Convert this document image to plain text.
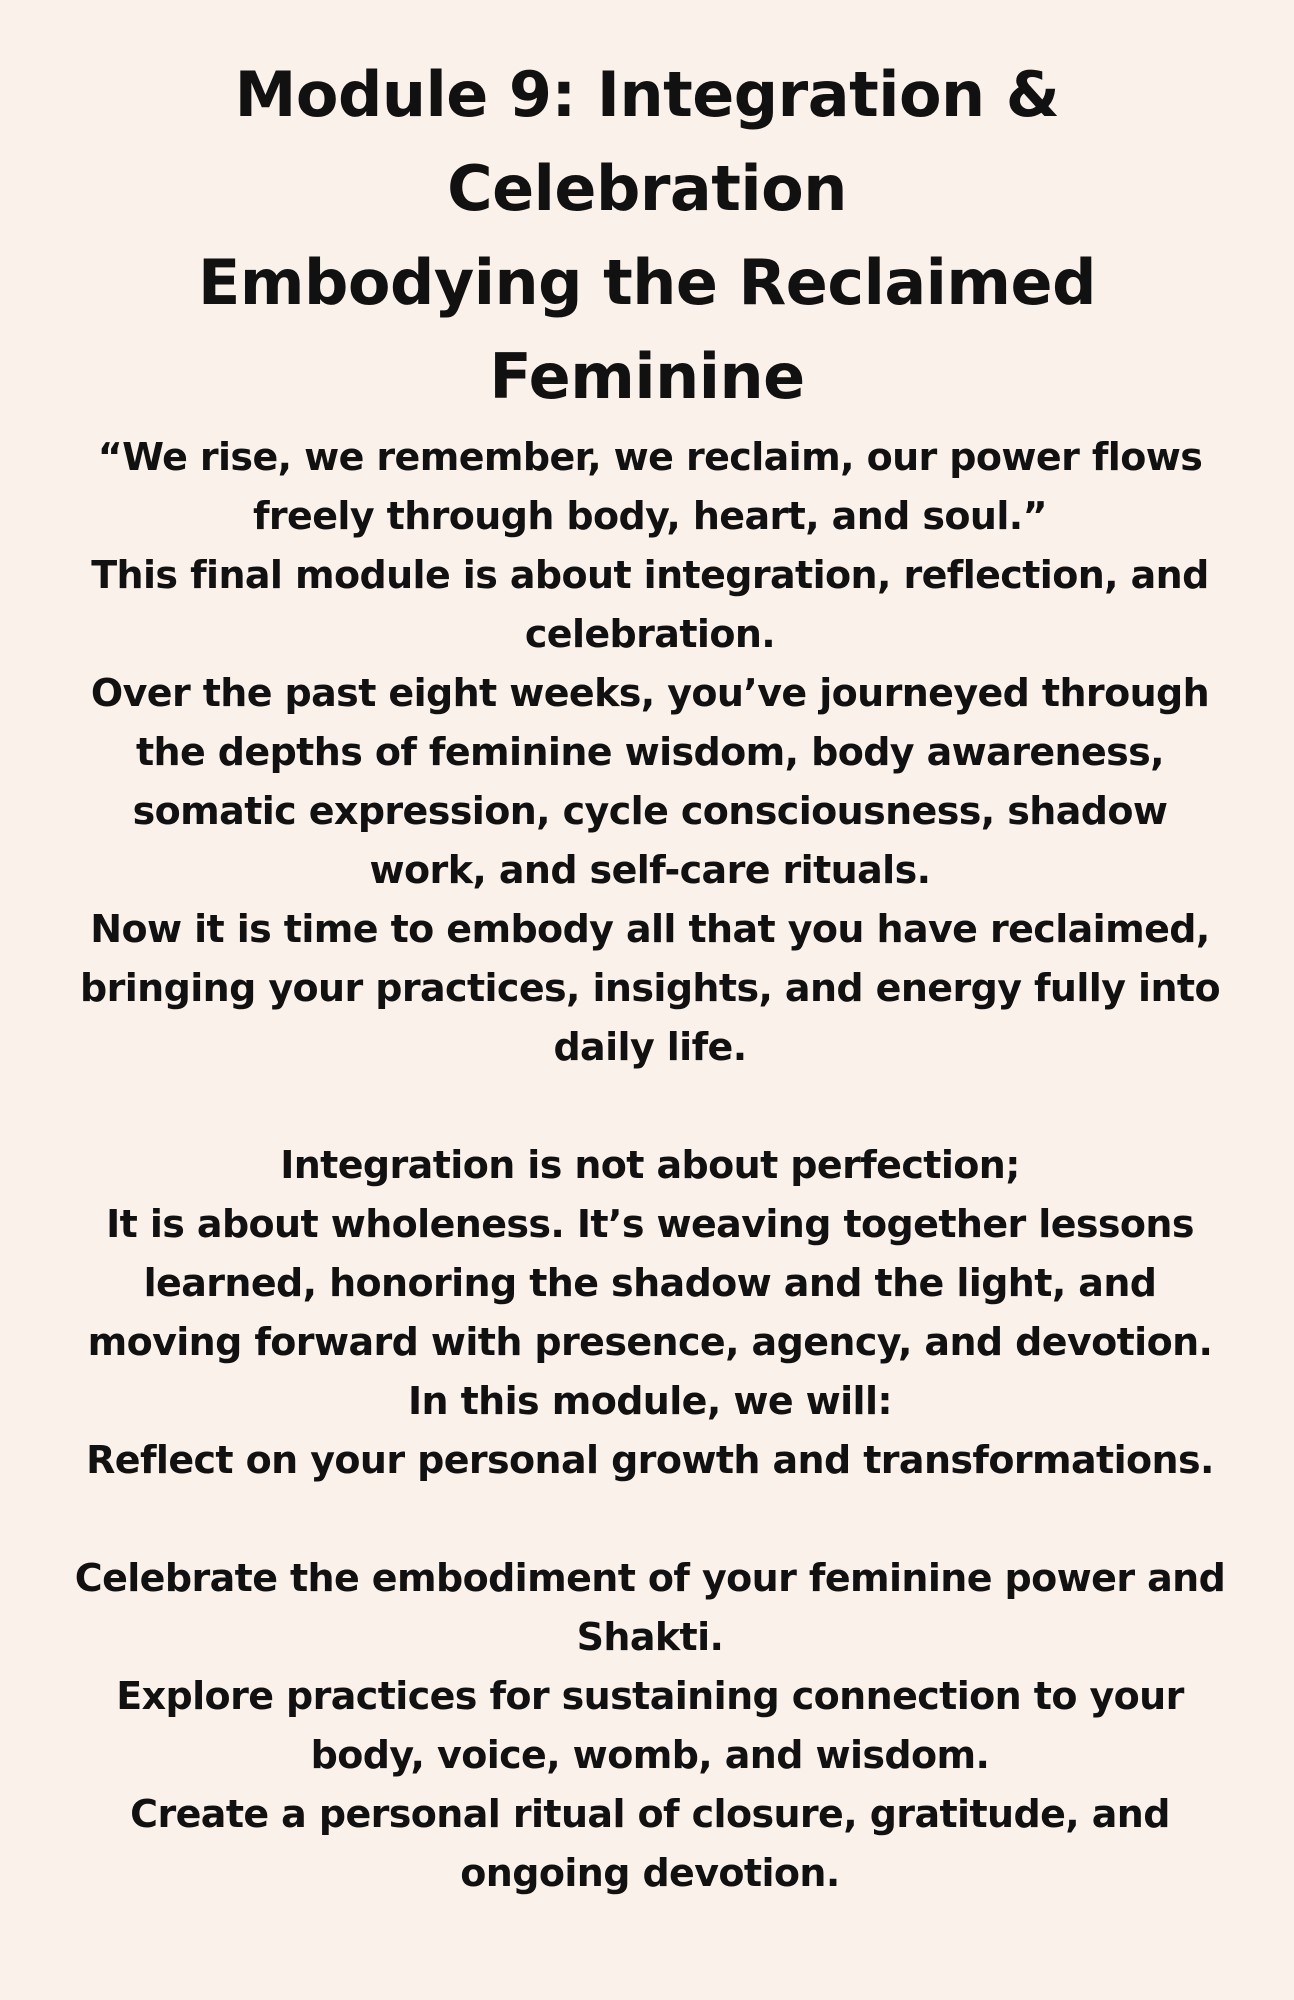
Module 9: Integration &
Celebration
Embodying the Reclaimed
Feminine

“We rise, we remember, we reclaim, our power flows freely through body, heart, and soul.”

This final module is about integration, reflection, and celebration.

Over the past eight weeks, you’ve journeyed through the depths of feminine wisdom, body awareness, somatic expression, cycle consciousness, shadow work, and self-care rituals.

Now it is time to embody all that you have reclaimed, bringing your practices, insights, and energy fully into daily life.

Integration is not about perfection;

It is about wholeness. It’s weaving together lessons learned, honoring the shadow and the light, and moving forward with presence, agency, and devotion.

In this module, we will:

Reflect on your personal growth and transformations.

Celebrate the embodiment of your feminine power and Shakti.

Explore practices for sustaining connection to your body, voice, womb, and wisdom.

Create a personal ritual of closure, gratitude, and ongoing devotion.
